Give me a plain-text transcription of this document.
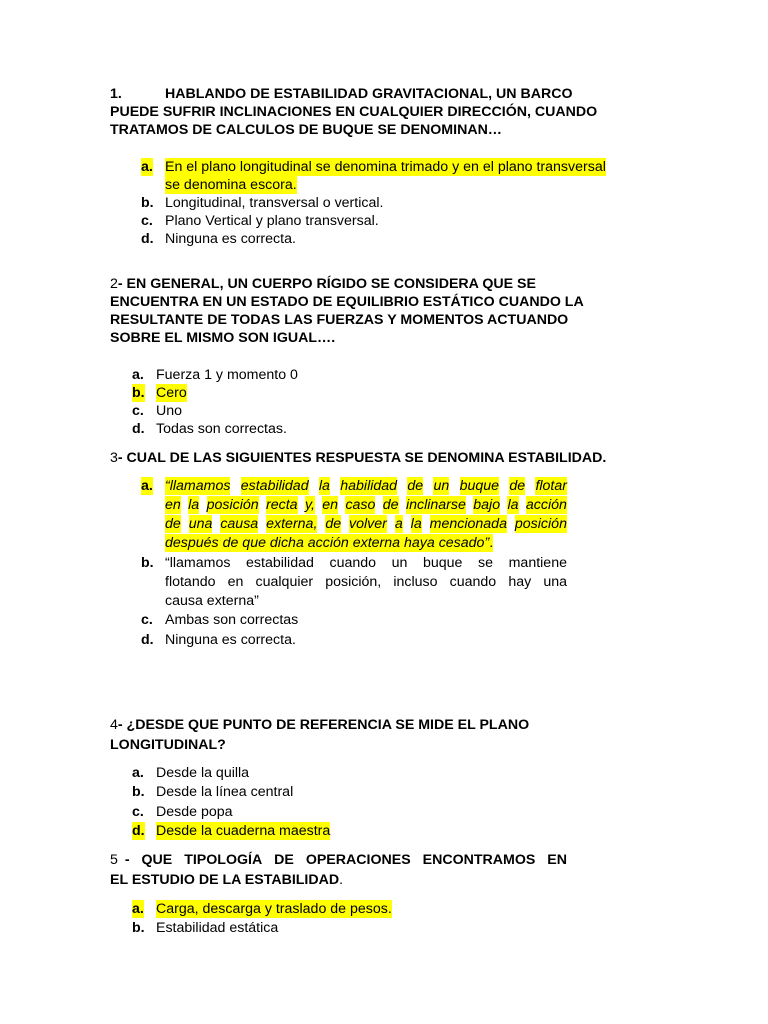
1.	HABLANDO DE ESTABILIDAD GRAVITACIONAL, UN BARCO
PUEDE SUFRIR INCLINACIONES EN CUALQUIER DIRECCIÓN, CUANDO
TRATAMOS DE CALCULOS DE BUQUE SE DENOMINAN…
a. En el plano longitudinal se denomina trimado y en el plano transversal
se denomina escora.
b. Longitudinal, transversal o vertical.
c. Plano Vertical y plano transversal.
d. Ninguna es correcta.
2- EN GENERAL, UN CUERPO RÍGIDO SE CONSIDERA QUE SE
ENCUENTRA EN UN ESTADO DE EQUILIBRIO ESTÁTICO CUANDO LA
RESULTANTE DE TODAS LAS FUERZAS Y MOMENTOS ACTUANDO
SOBRE EL MISMO SON IGUAL….
a. Fuerza 1 y momento 0
b. Cero
c. Uno
d. Todas son correctas.
3- CUAL DE LAS SIGUIENTES RESPUESTA SE DENOMINA ESTABILIDAD.
a. “llamamos estabilidad la habilidad de un buque de flotar
en la posición recta y, en caso de inclinarse bajo la acción
de una causa externa, de volver a la mencionada posición
después de que dicha acción externa haya cesado”.
b. “llamamos estabilidad cuando un buque se mantiene
flotando en cualquier posición, incluso cuando hay una
causa externa”
c. Ambas son correctas
d. Ninguna es correcta.
4- ¿DESDE QUE PUNTO DE REFERENCIA SE MIDE EL PLANO
LONGITUDINAL?
a. Desde la quilla
b. Desde la línea central
c. Desde popa
d. Desde la cuaderna maestra
5 - QUE TIPOLOGÍA DE OPERACIONES ENCONTRAMOS EN
EL ESTUDIO DE LA ESTABILIDAD.
a. Carga, descarga y traslado de pesos.
b. Estabilidad estática
